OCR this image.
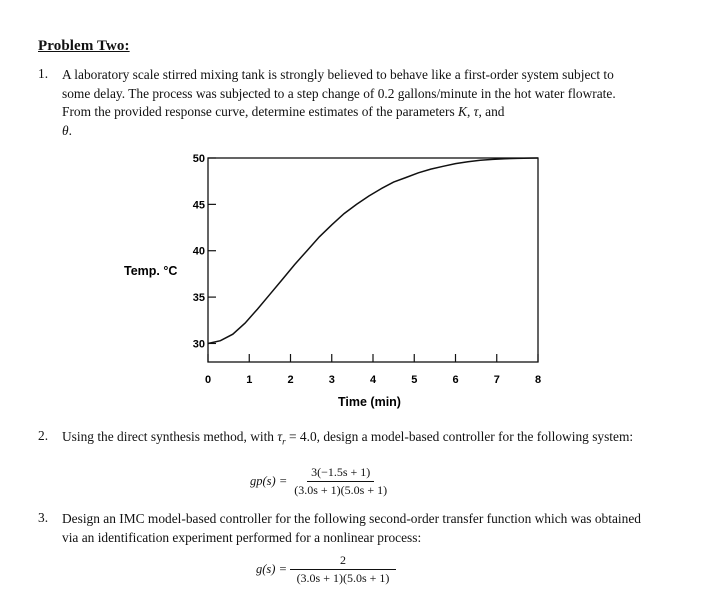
Problem Two:
1. A laboratory scale stirred mixing tank is strongly believed to behave like a first-order system subject to some delay. The process was subjected to a step change of 0.2 gallons/minute in the hot water flowrate. From the provided response curve, determine estimates of the parameters K, τ, and
θ.
30
35
40
45
50
0	1	2	3	4	5	6	7	8
Temp. °C
Time (min)
2. Using the direct synthesis method, with $\tau_r = 4.0$, design a model-based controller for the following system:
$gp(s) = \frac{3(-1.5s + 1)}{(3.0s + 1)(5.0s + 1)}$
3. Design an IMC model-based controller for the following second-order transfer function which was obtained via an identification experiment performed for a nonlinear process:
$g(s) = \frac{2}{(3.0s + 1)(5.0s + 1)}$
